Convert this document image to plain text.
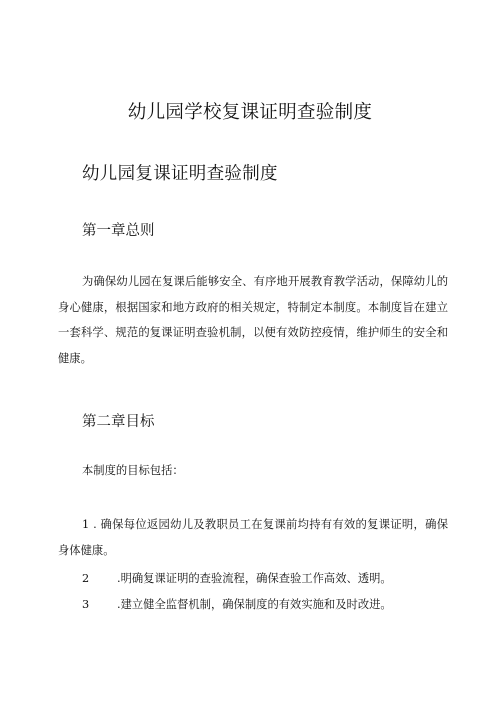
幼儿园学校复课证明查验制度
幼儿园复课证明查验制度
第一章总则
为确保幼儿园在复课后能够安全、有序地开展教育教学活动，保障幼儿的身心健康，根据国家和地方政府的相关规定，特制定本制度。本制度旨在建立一套科学、规范的复课证明查验机制，以便有效防控疫情，维护师生的安全和健康。
第二章目标
本制度的目标包括：
1 . 确保每位返园幼儿及教职员工在复课前均持有有效的复课证明，确保身体健康。
2 .明确复课证明的查验流程，确保查验工作高效、透明。
3 .建立健全监督机制，确保制度的有效实施和及时改进。
